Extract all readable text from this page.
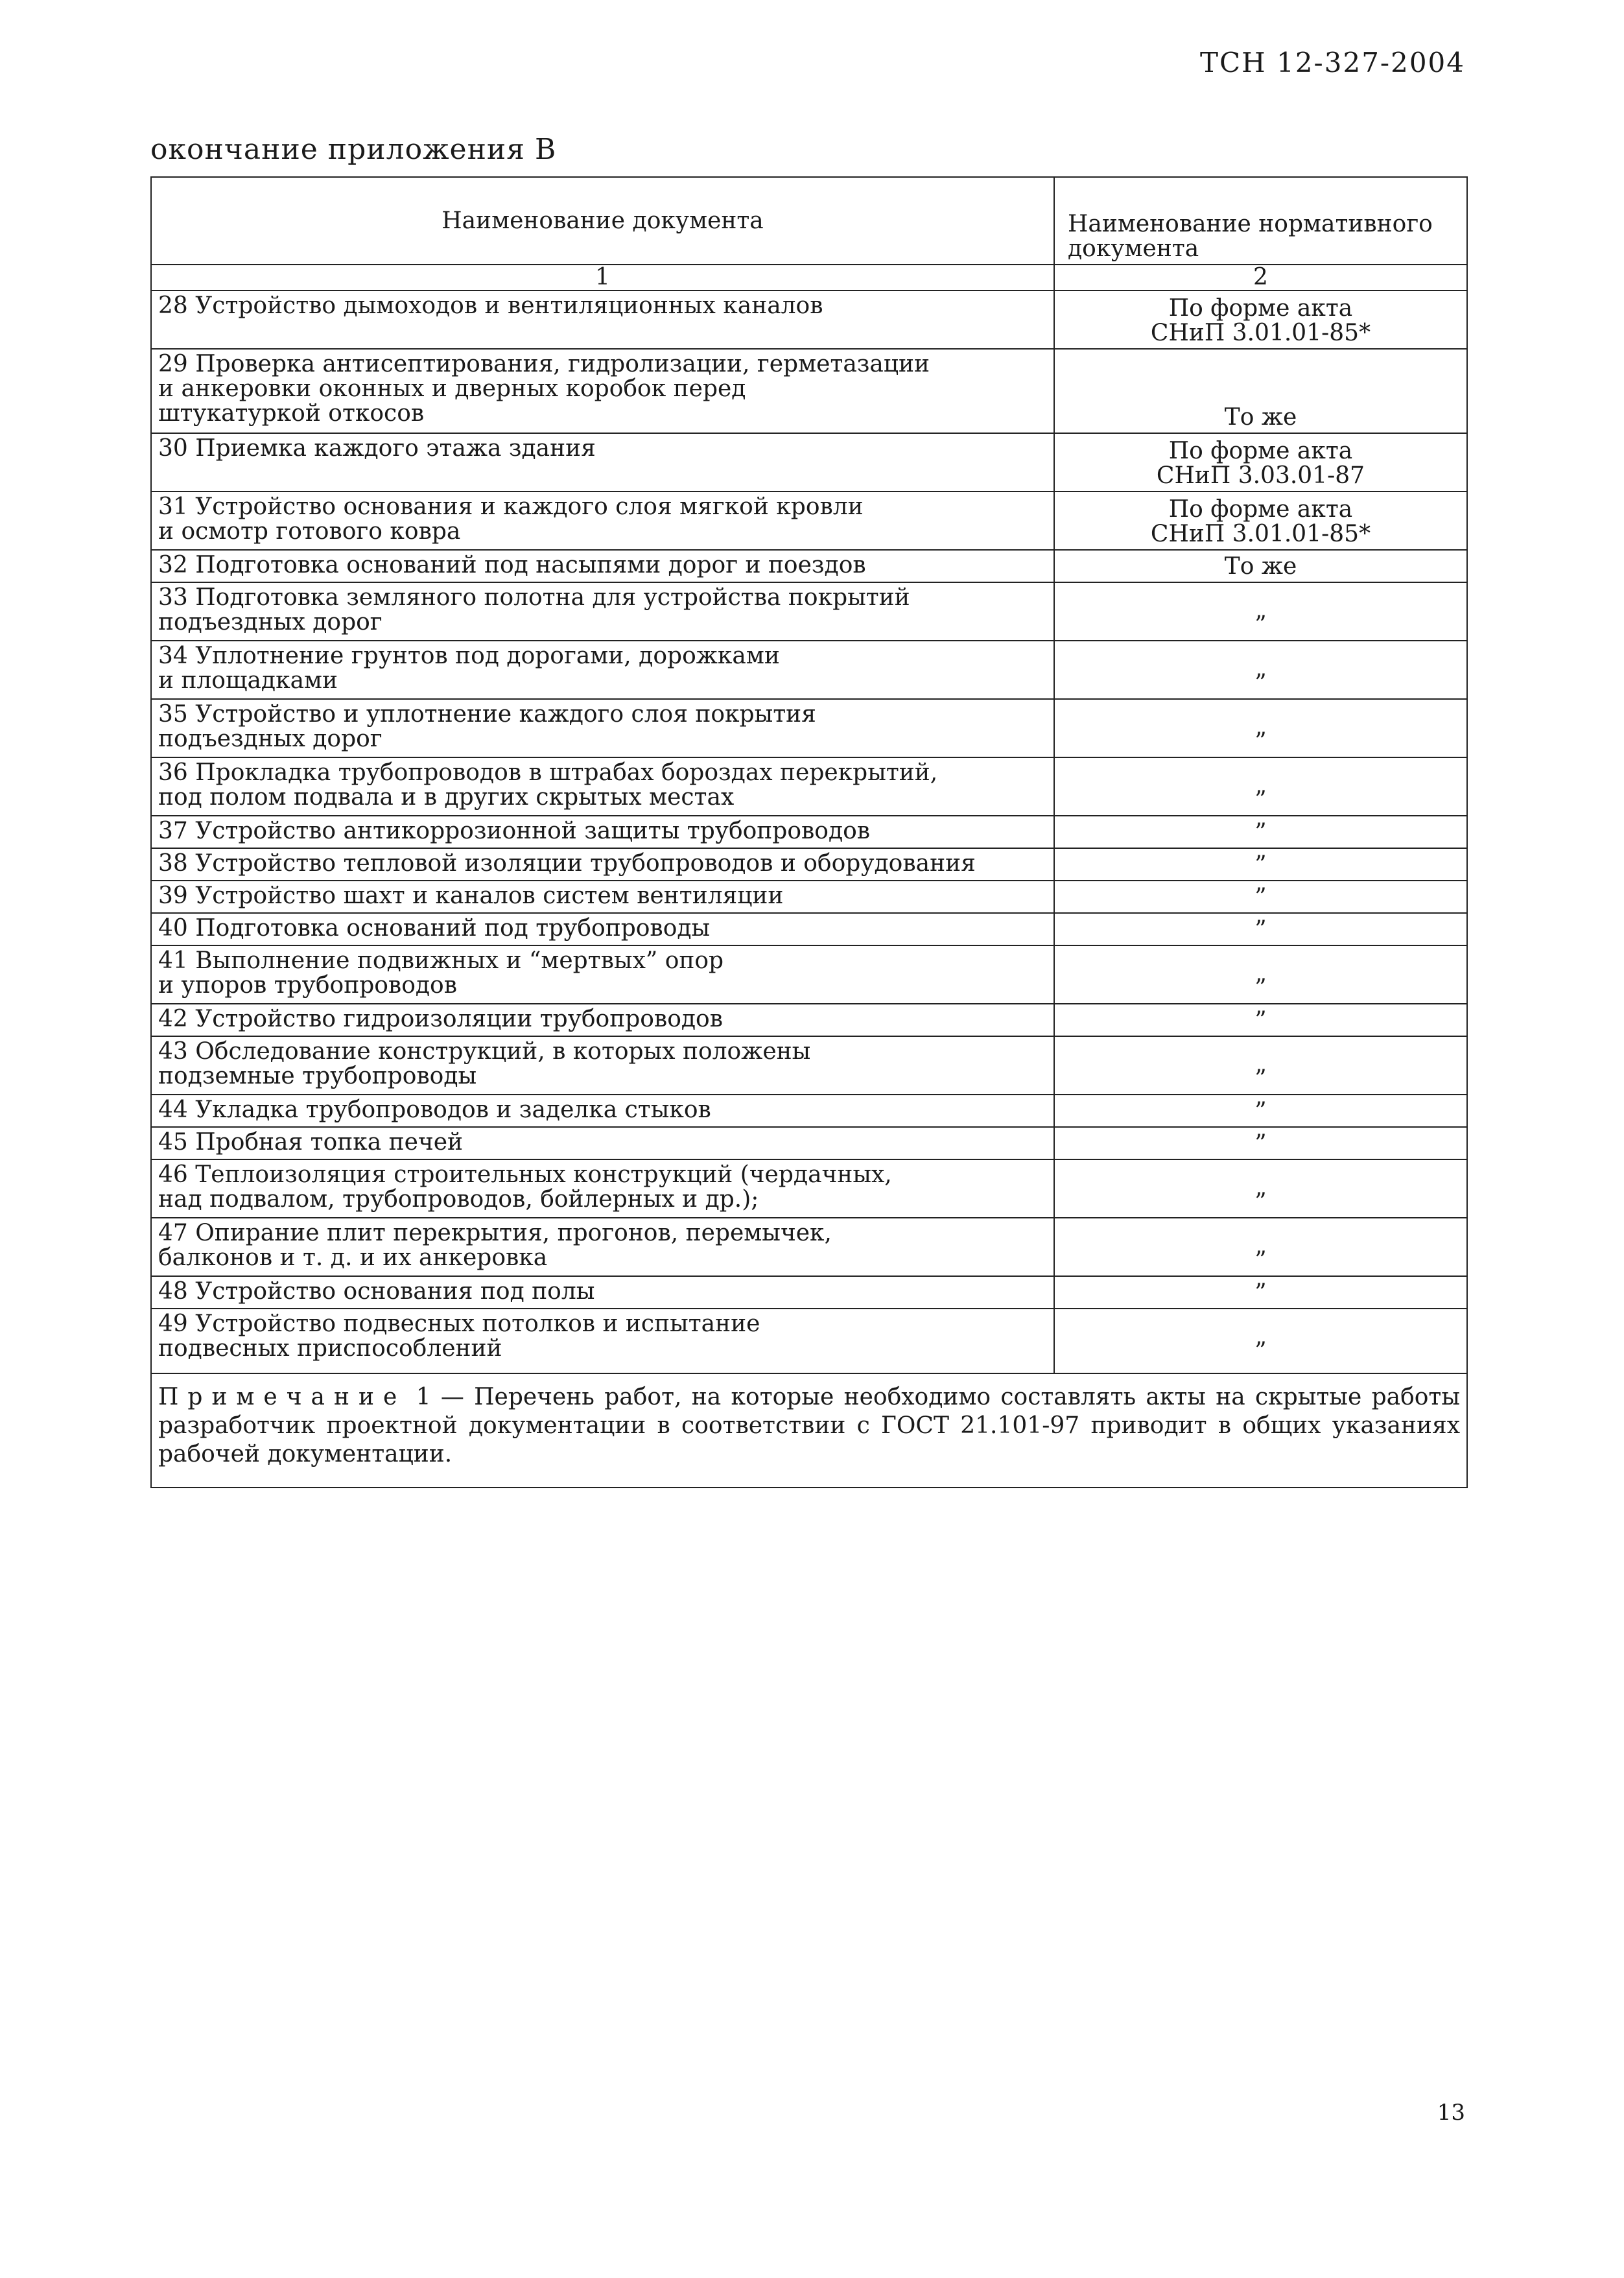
ТСН 12-327-2004
окончание приложения В
Наименование документа	Наименование нормативного документа
1	2
28 Устройство дымоходов и вентиляционных каналов	По форме акта
СНиП 3.01.01-85*
29 Проверка антисептирования, гидролизации, герметазации
и анкеровки оконных и дверных коробок перед
штукатуркой откосов	То же
30 Приемка каждого этажа здания	По форме акта
СНиП 3.03.01-87
31 Устройство основания и каждого слоя мягкой кровли
и осмотр готового ковра	По форме акта
СНиП 3.01.01-85*
32 Подготовка оснований под насыпями дорог и поездов	То же
33 Подготовка земляного полотна для устройства покрытий
подъездных дорог	”
34 Уплотнение грунтов под дорогами, дорожками
и площадками	”
35 Устройство и уплотнение каждого слоя покрытия
подъездных дорог	”
36 Прокладка трубопроводов в штрабах бороздах перекрытий,
под полом подвала и в других скрытых местах	”
37 Устройство антикоррозионной защиты трубопроводов	”
38 Устройство тепловой изоляции трубопроводов и оборудования	”
39 Устройство шахт и каналов систем вентиляции	”
40 Подготовка оснований под трубопроводы	”
41 Выполнение подвижных и “мертвых” опор
и упоров трубопроводов	”
42 Устройство гидроизоляции трубопроводов	”
43 Обследование конструкций, в которых положены
подземные трубопроводы	”
44 Укладка трубопроводов и заделка стыков	”
45 Пробная топка печей	”
46 Теплоизоляция строительных конструкций (чердачных,
над подвалом, трубопроводов, бойлерных и др.);	”
47 Опирание плит перекрытия, прогонов, перемычек,
балконов и т. д. и их анкеровка	”
48 Устройство основания под полы	”
49 Устройство подвесных потолков и испытание
подвесных приспособлений	”
Примечание 1 — Перечень работ, на которые необходимо составлять акты на скрытые работы разработчик проектной документации в соответствии с ГОСТ 21.101-97 приводит в общих указаниях рабочей документации.	
13
